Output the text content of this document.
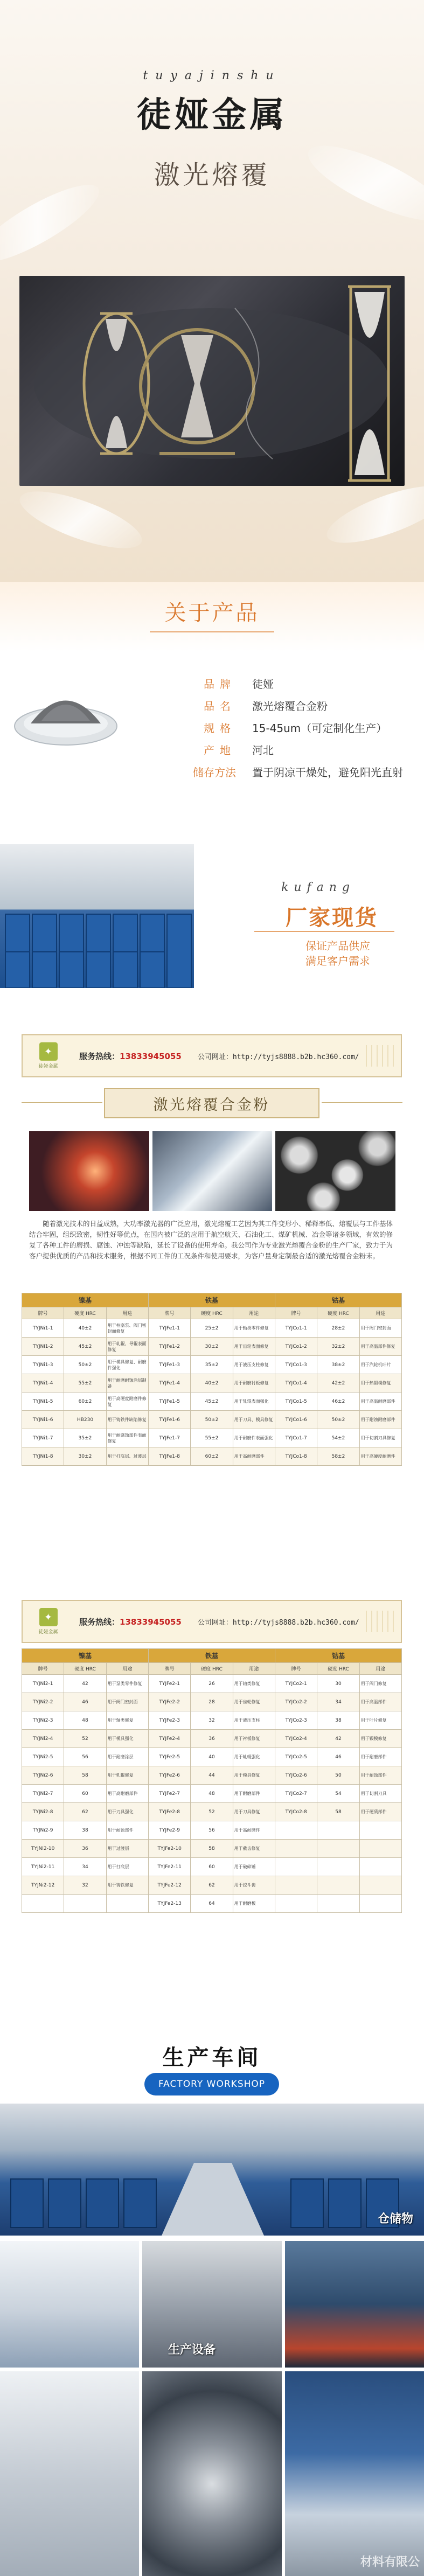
tuyajinshu
徒娅金属
激光熔覆
关于产品
品牌 徒娅
品名 激光熔覆合金粉
规格 15-45um（可定制化生产）
产地 河北
储存方法 置于阴凉干燥处，避免阳光直射
kufang
厂家现货
保证产品供应
满足客户需求
✦
徒娅金属
服务热线：13833945055 公司网址：http://tyjs8888.b2b.hc360.com/
激光熔覆合金粉

随着激光技术的日益成熟，大功率激光器的广泛应用，激光熔覆工艺因为其工件变形小、稀释率低、熔覆层与工件基体结合牢固，组织致密，韧性好等优点，在国内被广泛的应用于航空航天、石油化工、煤矿机械、冶金等诸多领域，有效的修复了各种工件的磨损、腐蚀、冲蚀等缺陷，延长了设备的使用寿命。我公司作为专业激光熔覆合金粉的生产厂家，致力于为客户提供优质的产品和技术服务，根据不同工件的工况条件和使用要求，为客户量身定制最合适的激光熔覆合金粉末。

镍基			铁基			钴基		
牌号	硬度 HRC	用途	牌号	硬度 HRC	用途	牌号	硬度 HRC	用途
TYJNi1-1	40±2	用于柱塞泵、阀门密封面修复	TYJFe1-1	25±2	用于轴类零件修复	TYJCo1-1	28±2	用于阀门密封面
TYJNi1-2	45±2	用于轧辊、导辊表面修复	TYJFe1-2	30±2	用于齿轮表面修复	TYJCo1-2	32±2	用于高温部件修复
TYJNi1-3	50±2	用于模具修复、耐磨件强化	TYJFe1-3	35±2	用于液压支柱修复	TYJCo1-3	38±2	用于汽轮机叶片
TYJNi1-4	55±2	用于耐磨耐蚀涂层制备	TYJFe1-4	40±2	用于耐磨衬板修复	TYJCo1-4	42±2	用于热锻模修复
TYJNi1-5	60±2	用于高硬度耐磨件修复	TYJFe1-5	45±2	用于轧辊表面强化	TYJCo1-5	46±2	用于高温耐磨部件
TYJNi1-6	HB230	用于铸铁件缺陷修复	TYJFe1-6	50±2	用于刀具、模具修复	TYJCo1-6	50±2	用于耐蚀耐磨部件
TYJNi1-7	35±2	用于耐腐蚀部件表面修复	TYJFe1-7	55±2	用于耐磨件表面强化	TYJCo1-7	54±2	用于切割刀具修复
TYJNi1-8	30±2	用于打底层、过渡层	TYJFe1-8	60±2	用于高耐磨部件	TYJCo1-8	58±2	用于高硬度耐磨件
✦
徒娅金属
服务热线：13833945055 公司网址：http://tyjs8888.b2b.hc360.com/
镍基			铁基			钴基		
牌号	硬度 HRC	用途	牌号	硬度 HRC	用途	牌号	硬度 HRC	用途
TYJNi2-1	42	用于泵类零件修复	TYJFe2-1	26	用于轴类修复	TYJCo2-1	30	用于阀门修复
TYJNi2-2	46	用于阀门密封面	TYJFe2-2	28	用于齿轮修复	TYJCo2-2	34	用于高温部件
TYJNi2-3	48	用于轴类修复	TYJFe2-3	32	用于液压支柱	TYJCo2-3	38	用于叶片修复
TYJNi2-4	52	用于模具强化	TYJFe2-4	36	用于衬板修复	TYJCo2-4	42	用于锻模修复
TYJNi2-5	56	用于耐磨涂层	TYJFe2-5	40	用于轧辊强化	TYJCo2-5	46	用于耐磨部件
TYJNi2-6	58	用于轧辊修复	TYJFe2-6	44	用于模具修复	TYJCo2-6	50	用于耐蚀部件
TYJNi2-7	60	用于高耐磨部件	TYJFe2-7	48	用于耐磨部件	TYJCo2-7	54	用于切割刀具
TYJNi2-8	62	用于刀具强化	TYJFe2-8	52	用于刀具修复	TYJCo2-8	58	用于硬质部件
TYJNi2-9	38	用于耐蚀部件	TYJFe2-9	56	用于高耐磨件			
TYJNi2-10	36	用于过渡层	TYJFe2-10	58	用于截齿修复			
TYJNi2-11	34	用于打底层	TYJFe2-11	60	用于破碎锤			
TYJNi2-12	32	用于铸铁修复	TYJFe2-12	62	用于挖斗齿			
			TYJFe2-13	64	用于耐磨板			
生产车间
FACTORY WORKSHOP
仓储物
生产设备
材料有限公
